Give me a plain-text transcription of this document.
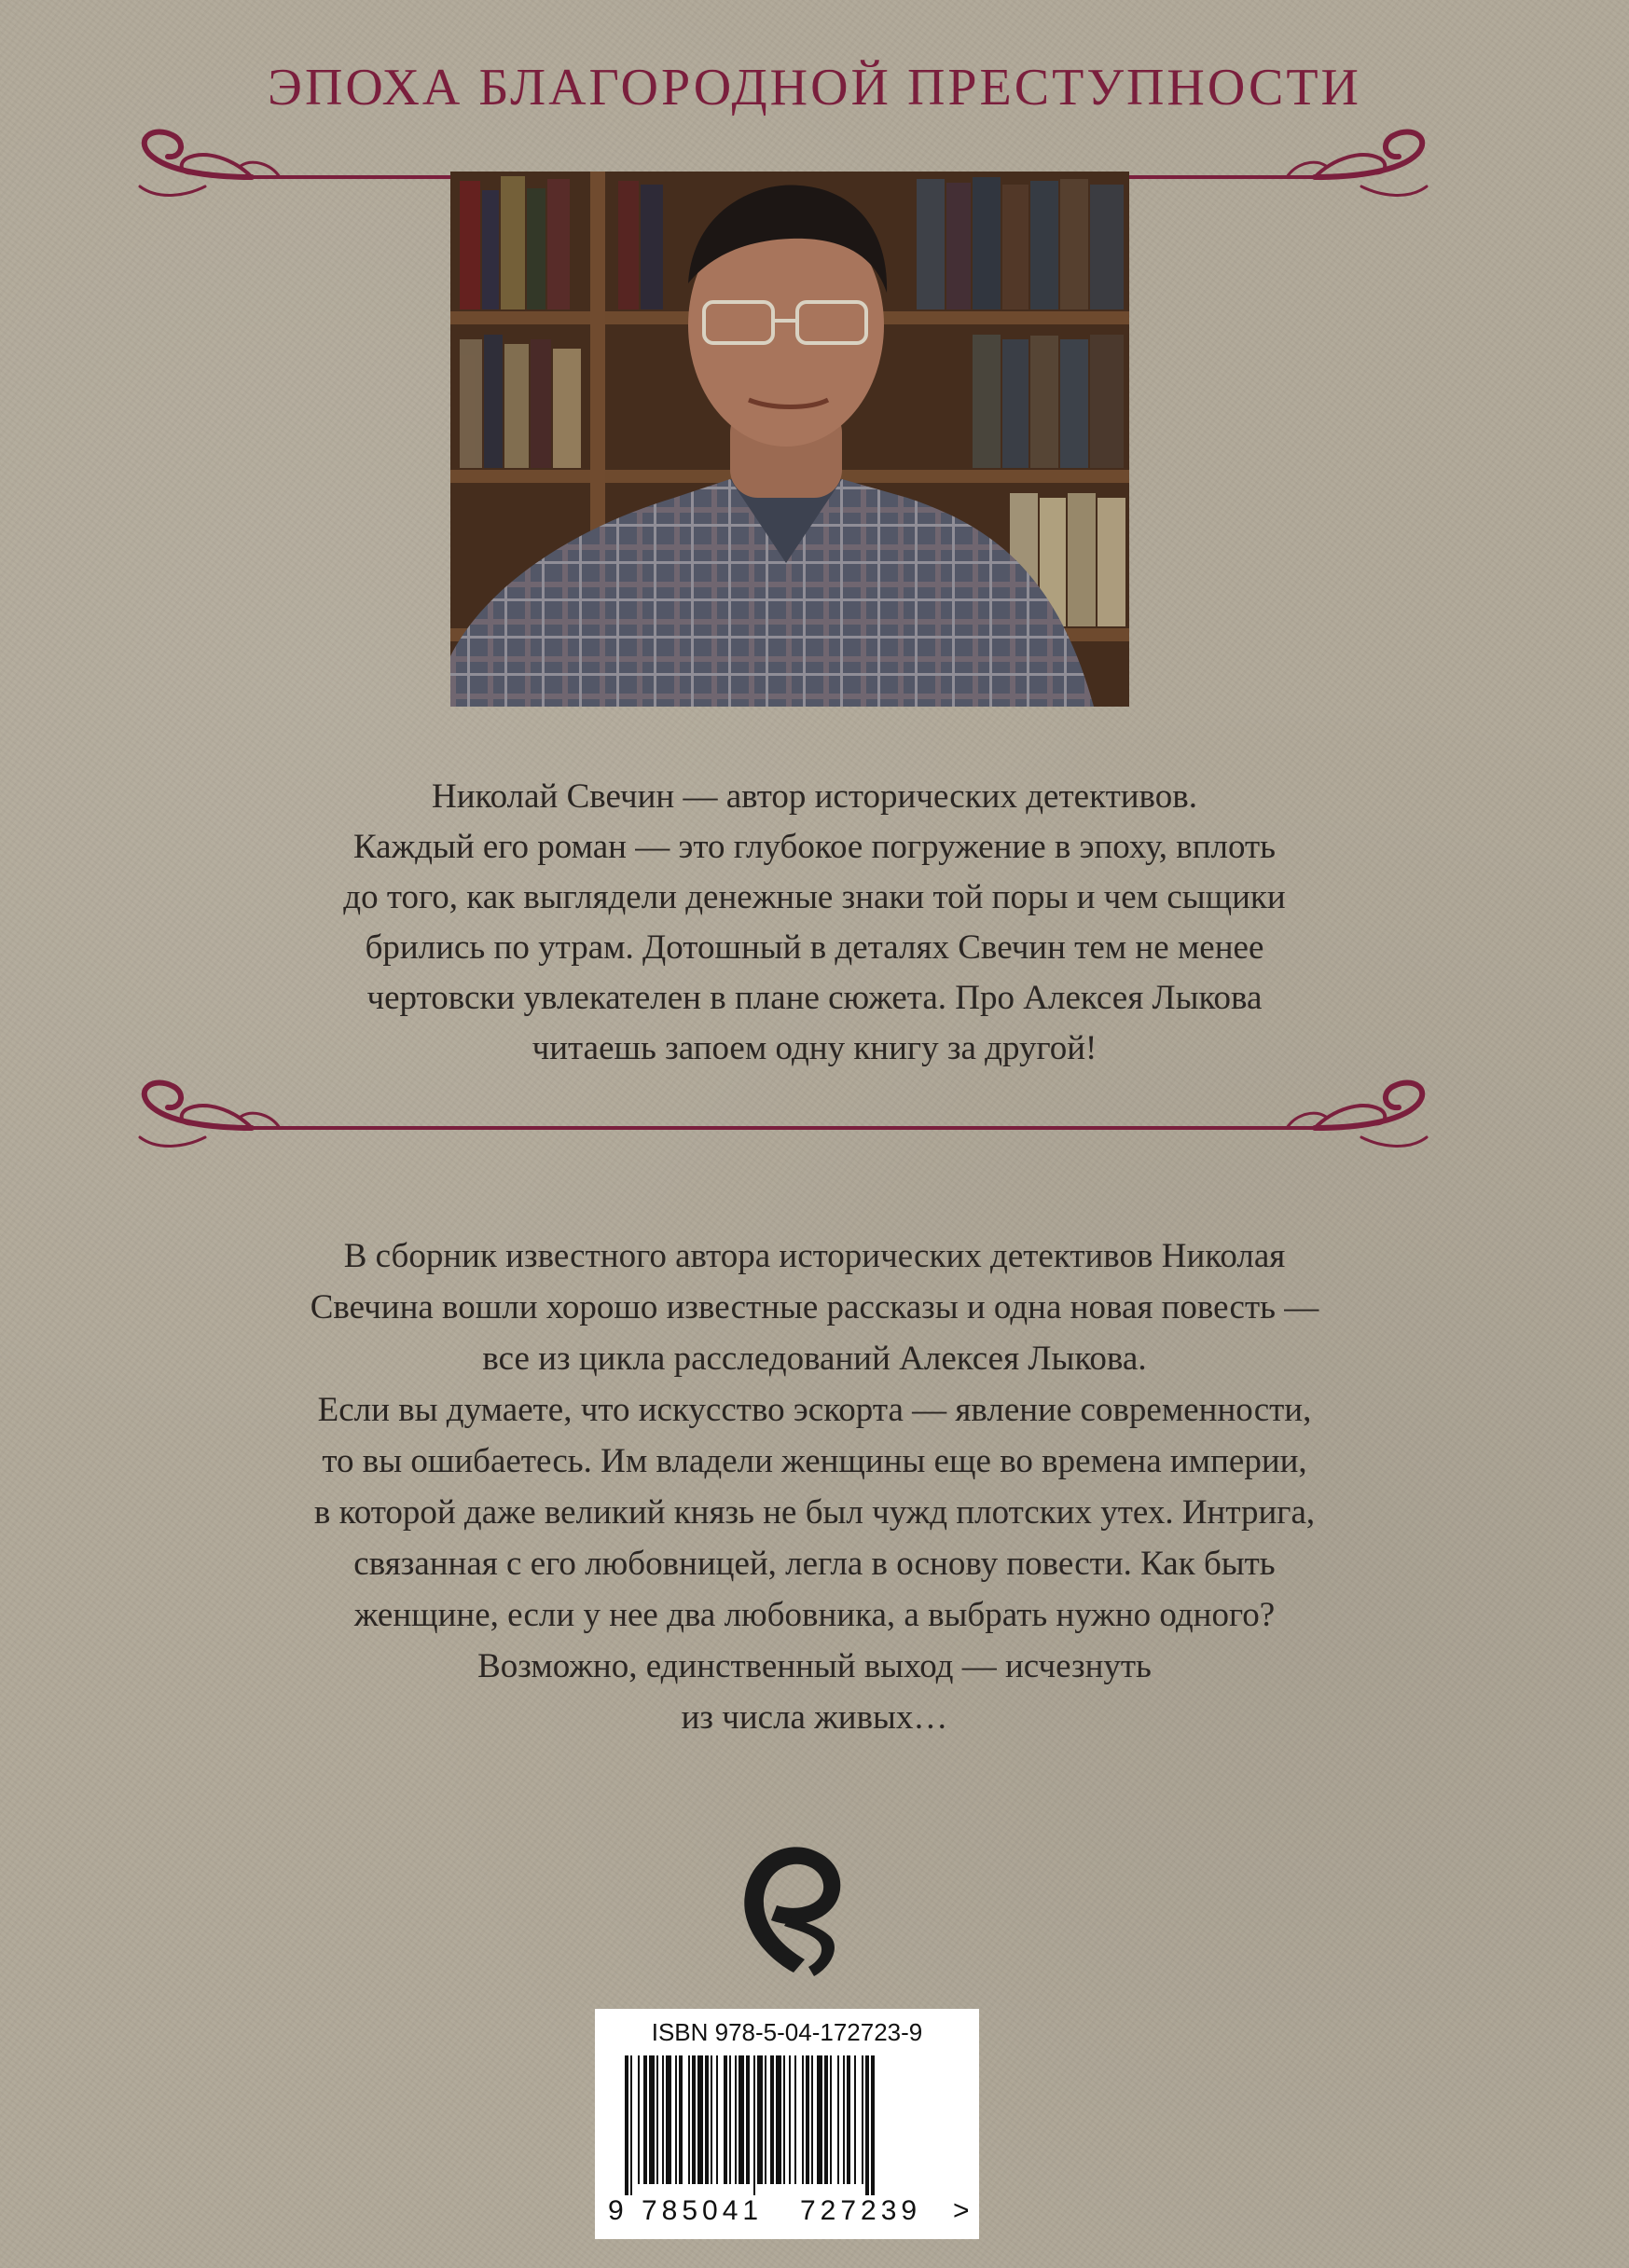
ЭПОХА БЛАГОРОДНОЙ ПРЕСТУПНОСТИ

Николай Свечин — автор исторических детективов.

Каждый его роман — это глубокое погружение в эпоху, вплоть

до того, как выглядели денежные знаки той поры и чем сыщики

брились по утрам. Дотошный в деталях Свечин тем не менее

чертовски увлекателен в плане сюжета. Про Алексея Лыкова

читаешь запоем одну книгу за другой!

В сборник известного автора исторических детективов Николая

Свечина вошли хорошо известные рассказы и одна новая повесть —

все из цикла расследований Алексея Лыкова.

Если вы думаете, что искусство эскорта — явление современности,

то вы ошибаетесь. Им владели женщины еще во времена империи,

в которой даже великий князь не был чужд плотских утех. Интрига,

связанная с его любовницей, легла в основу повести. Как быть

женщине, если у нее два любовника, а выбрать нужно одного?

Возможно, единственный выход — исчезнуть

из числа живых…

ISBN 978-5-04-172723-9
9 785041 727239 >
